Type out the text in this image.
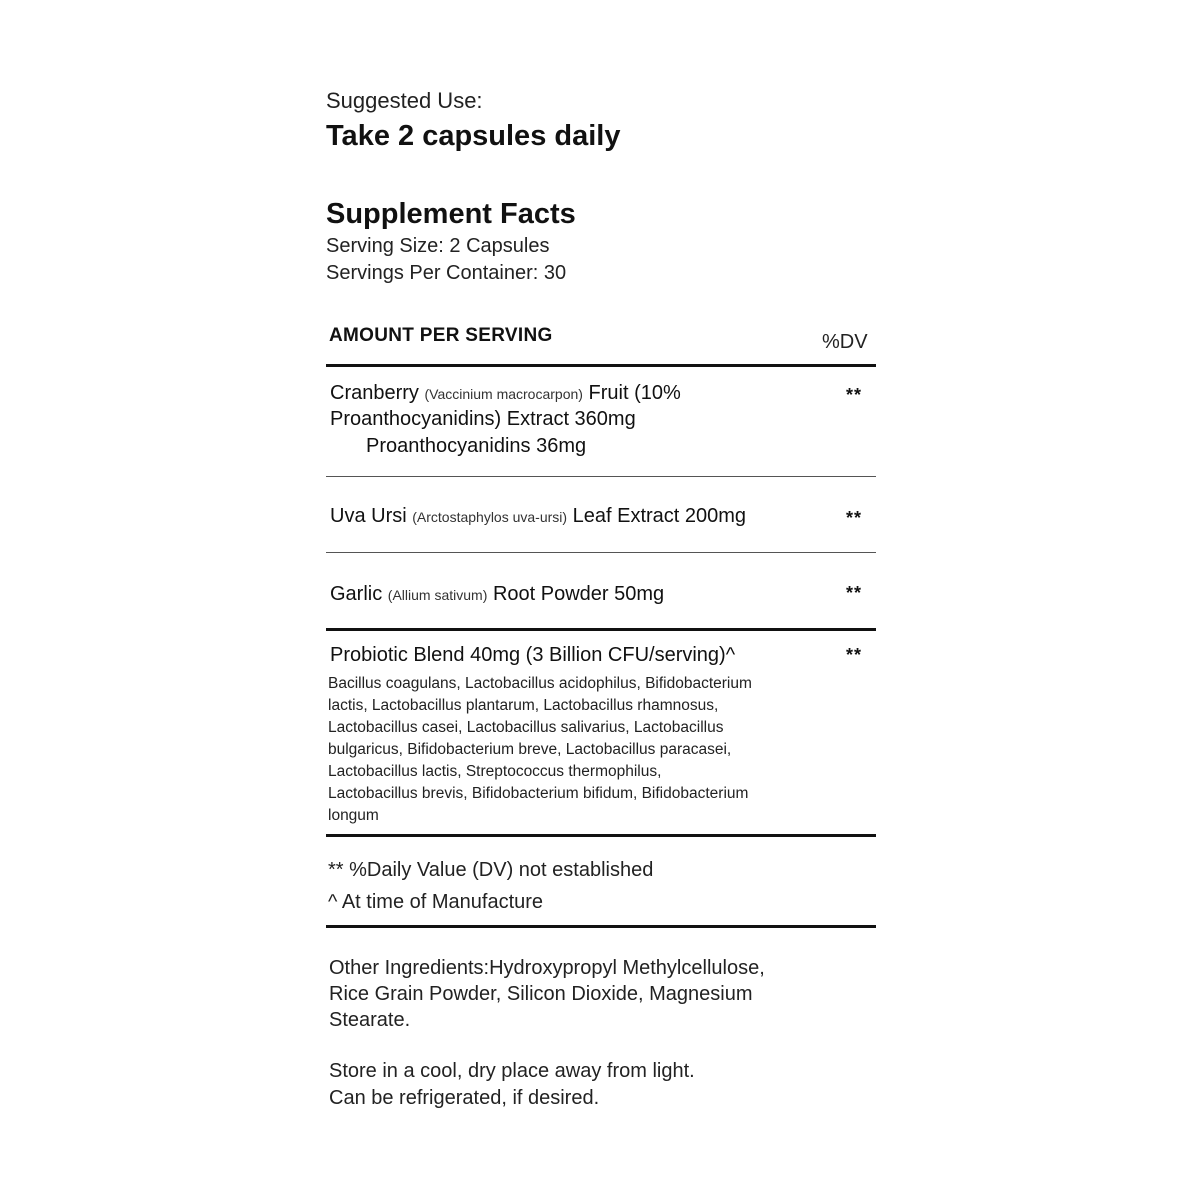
Suggested Use:
Take 2 capsules daily
Supplement Facts
Serving Size: 2 Capsules
Servings Per Container: 30
AMOUNT PER SERVING	%DV
Cranberry (Vaccinium macrocarpon) Fruit (10%
Proanthocyanidins) Extract 360mg
Proanthocyanidins 36mg
**
Uva Ursi (Arctostaphylos uva-ursi) Leaf Extract 200mg	**
Garlic (Allium sativum) Root Powder 50mg	**
Probiotic Blend 40mg (3 Billion CFU/serving)^	**
Bacillus coagulans, Lactobacillus acidophilus, Bifidobacterium
lactis, Lactobacillus plantarum, Lactobacillus rhamnosus,
Lactobacillus casei, Lactobacillus salivarius, Lactobacillus
bulgaricus, Bifidobacterium breve, Lactobacillus paracasei,
Lactobacillus lactis, Streptococcus thermophilus,
Lactobacillus brevis, Bifidobacterium bifidum, Bifidobacterium
longum
** %Daily Value (DV) not established
^ At time of Manufacture
Other Ingredients:Hydroxypropyl Methylcellulose,
Rice Grain Powder, Silicon Dioxide, Magnesium
Stearate.
Store in a cool, dry place away from light.
Can be refrigerated, if desired.
